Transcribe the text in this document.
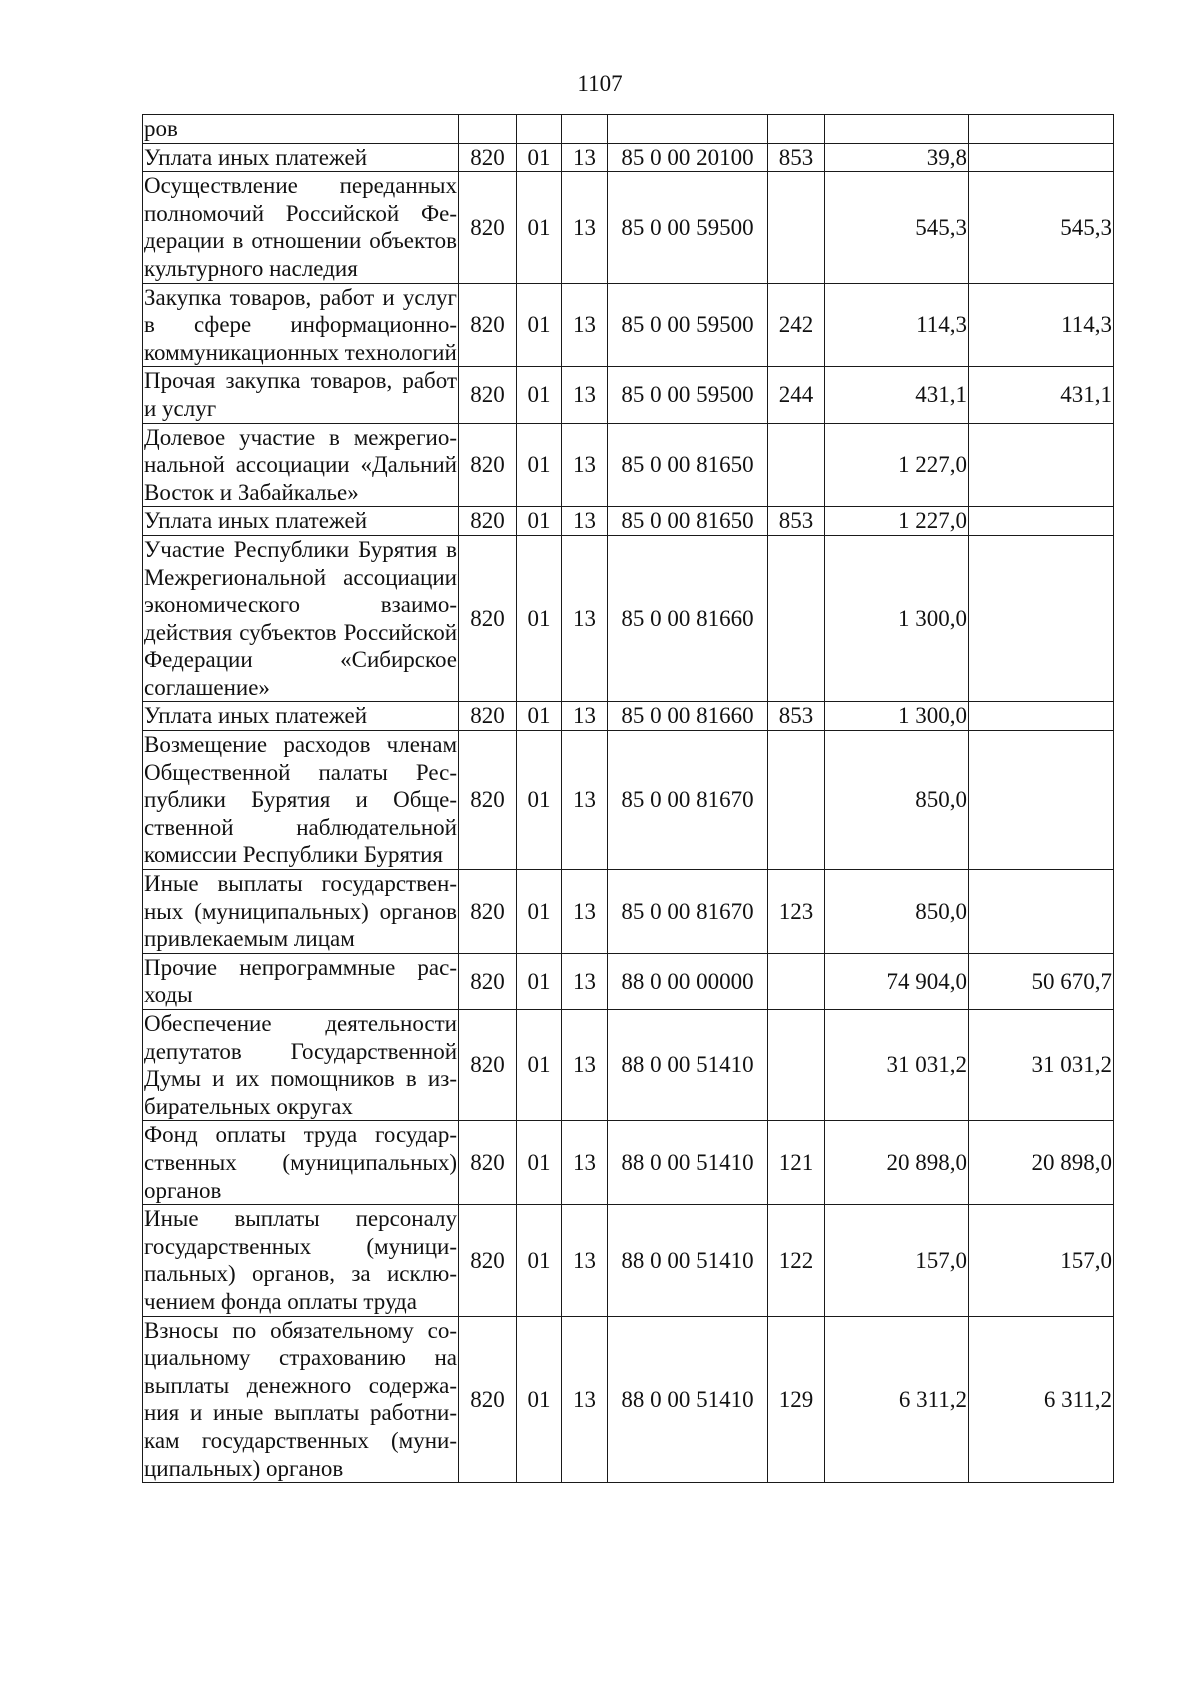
1107
ров							
Уплата иных платежей	820	01	13	85 0 00 20100	853	39,8	
Осуществление переданных полномочий Российской Федерации в отношении объектов культурного наследия	820	01	13	85 0 00 59500		545,3	545,3
Закупка товаров, работ и услуг в сфере информационно-коммуникационных технологий	820	01	13	85 0 00 59500	242	114,3	114,3
Прочая закупка товаров, работ и услуг	820	01	13	85 0 00 59500	244	431,1	431,1
Долевое участие в межрегиональной ассоциации «Дальний Восток и Забайкалье»	820	01	13	85 0 00 81650		1 227,0	
Уплата иных платежей	820	01	13	85 0 00 81650	853	1 227,0	
Участие Республики Бурятия в Межрегиональной ассоциации экономического взаимодействия субъектов Российской Федерации «Сибирское соглашение»	820	01	13	85 0 00 81660		1 300,0	
Уплата иных платежей	820	01	13	85 0 00 81660	853	1 300,0	
Возмещение расходов членам Общественной палаты Республики Бурятия и Общественной наблюдательной комиссии Республики Бурятия	820	01	13	85 0 00 81670		850,0	
Иные выплаты государственных (муниципальных) органов привлекаемым лицам	820	01	13	85 0 00 81670	123	850,0	
Прочие непрограммные расходы	820	01	13	88 0 00 00000		74 904,0	50 670,7
Обеспечение деятельности депутатов Государственной Думы и их помощников в избирательных округах	820	01	13	88 0 00 51410		31 031,2	31 031,2
Фонд оплаты труда государственных (муниципальных) органов	820	01	13	88 0 00 51410	121	20 898,0	20 898,0
Иные выплаты персоналу государственных (муниципальных) органов, за исключением фонда оплаты труда	820	01	13	88 0 00 51410	122	157,0	157,0
Взносы по обязательному социальному страхованию на выплаты денежного содержания и иные выплаты работникам государственных (муниципальных) органов	820	01	13	88 0 00 51410	129	6 311,2	6 311,2
